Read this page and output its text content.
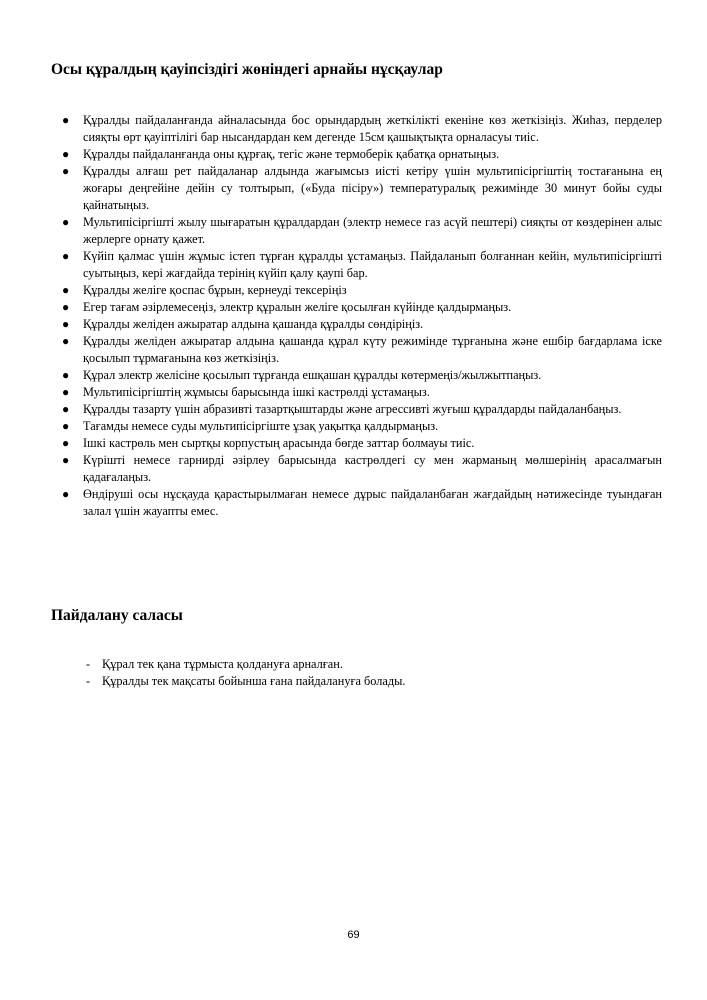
Осы құралдың қауіпсіздігі жөніндегі арнайы нұсқаулар
● Құралды пайдаланғанда айналасында бос орындардың жеткілікті екеніне көз жеткізіңіз. Жиһаз, перделер сияқты өрт қауіптілігі бар нысандардан кем дегенде 15см қашықтықта орналасуы тиіс.
● Құралды пайдаланғанда оны құрғақ, тегіс және термоберік қабатқа орнатыңыз.
● Құралды алғаш рет пайдаланар алдында жағымсыз иісті кетіру үшін мультипісіргіштің тостағанына ең жоғары деңгейіне дейін су толтырып, («Буда пісіру») температуралық режимінде 30 минут бойы суды қайнатыңыз.
● Мультипісіргішті жылу шығаратын құралдардан (электр немесе газ асүй пештері) сияқты от көздерінен алыс жерлерге орнату қажет.
● Күйіп қалмас үшін жұмыс істеп тұрған құралды ұстамаңыз. Пайдаланып болғаннан кейін, мультипісіргішті суытыңыз, кері жағдайда терінің күйіп қалу қаупі бар.
● Құралды желіге қоспас бұрын, кернеуді тексеріңіз
● Егер тағам әзірлемесеңіз, электр құралын желіге қосылған күйінде қалдырмаңыз.
● Құралды желіден ажыратар алдына қашанда құралды сөндіріңіз.
● Құралды желіден ажыратар алдына қашанда құрал күту режимінде тұрғанына және ешбір бағдарлама іске қосылып тұрмағанына көз жеткізіңіз.
● Құрал электр желісіне қосылып тұрғанда ешқашан құралды көтермеңіз/жылжытпаңыз.
● Мультипісіргіштің жұмысы барысында ішкі кастрөлді ұстамаңыз.
● Құралды тазарту үшін абразивті тазартқыштарды және агрессивті жуғыш құралдарды пайдаланбаңыз.
● Тағамды немесе суды мультипісіргіште ұзақ уақытқа қалдырмаңыз.
● Ішкі кастрөль мен сыртқы корпустың арасында бөгде заттар болмауы тиіс.
● Күрішті немесе гарнирді әзірлеу барысында кастрөлдегі су мен жарманың мөлшерінің арасалмағын қадағалаңыз.
● Өндіруші осы нұсқауда қарастырылмаған немесе дұрыс пайдаланбаған жағдайдың нәтижесінде туындаған залал үшін жауапты емес.
Пайдалану саласы
- Құрал тек қана тұрмыста қолдануға арналған.
- Құралды тек мақсаты бойынша ғана пайдалануға болады.
69
